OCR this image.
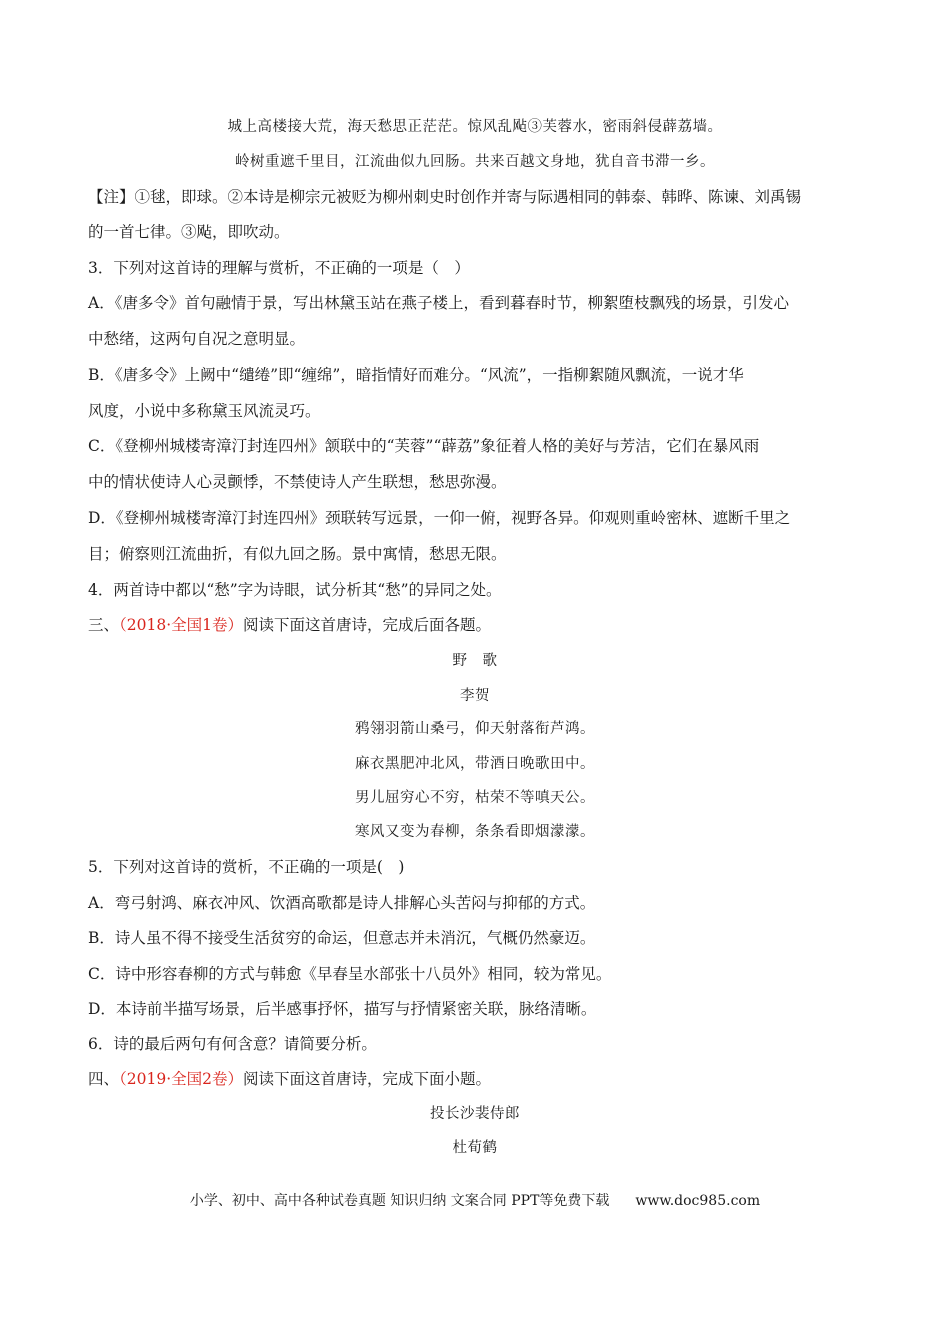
城上高楼接大荒，海天愁思正茫茫。惊风乱飐③芙蓉水，密雨斜侵薜荔墙。
岭树重遮千里目，江流曲似九回肠。共来百越文身地，犹自音书滞一乡。
【注】①毬，即球。②本诗是柳宗元被贬为柳州刺史时创作并寄与际遇相同的韩泰、韩晔、陈谏、刘禹锡
的一首七律。③飐，即吹动。
3．下列对这首诗的理解与赏析，不正确的一项是（　）
A．《唐多令》首句融情于景，写出林黛玉站在燕子楼上，看到暮春时节，柳絮堕枝飘残的场景，引发心
中愁绪，这两句自况之意明显。
B．《唐多令》上阙中“缱绻”即“缠绵”，暗指情好而难分。“风流”，一指柳絮随风飘流，一说才华
风度，小说中多称黛玉风流灵巧。
C．《登柳州城楼寄漳汀封连四州》颔联中的“芙蓉”“薜荔”象征着人格的美好与芳洁，它们在暴风雨
中的情状使诗人心灵颤悸，不禁使诗人产生联想，愁思弥漫。
D．《登柳州城楼寄漳汀封连四州》颈联转写远景，一仰一俯，视野各异。仰观则重岭密林、遮断千里之
目；俯察则江流曲折，有似九回之肠。景中寓情，愁思无限。
4．两首诗中都以“愁”字为诗眼，试分析其“愁”的异同之处。
三、（2018·全国1卷）阅读下面这首唐诗，完成后面各题。
野　歌
李贺
鸦翎羽箭山桑弓，仰天射落衔芦鸿。
麻衣黑肥冲北风，带酒日晚歌田中。
男儿屈穷心不穷，枯荣不等嗔天公。
寒风又变为春柳，条条看即烟濛濛。
5．下列对这首诗的赏析，不正确的一项是(　)
A．弯弓射鸿、麻衣冲风、饮酒高歌都是诗人排解心头苦闷与抑郁的方式。
B．诗人虽不得不接受生活贫穷的命运，但意志并未消沉，气概仍然豪迈。
C．诗中形容春柳的方式与韩愈《早春呈水部张十八员外》相同，较为常见。
D．本诗前半描写场景，后半感事抒怀，描写与抒情紧密关联，脉络清晰。
6．诗的最后两句有何含意？请简要分析。
四、（2019·全国2卷）阅读下面这首唐诗，完成下面小题。
投长沙裴侍郎
杜荀鹤
小学、初中、高中各种试卷真题 知识归纳 文案合同 PPT等免费下载 www.doc985.com
